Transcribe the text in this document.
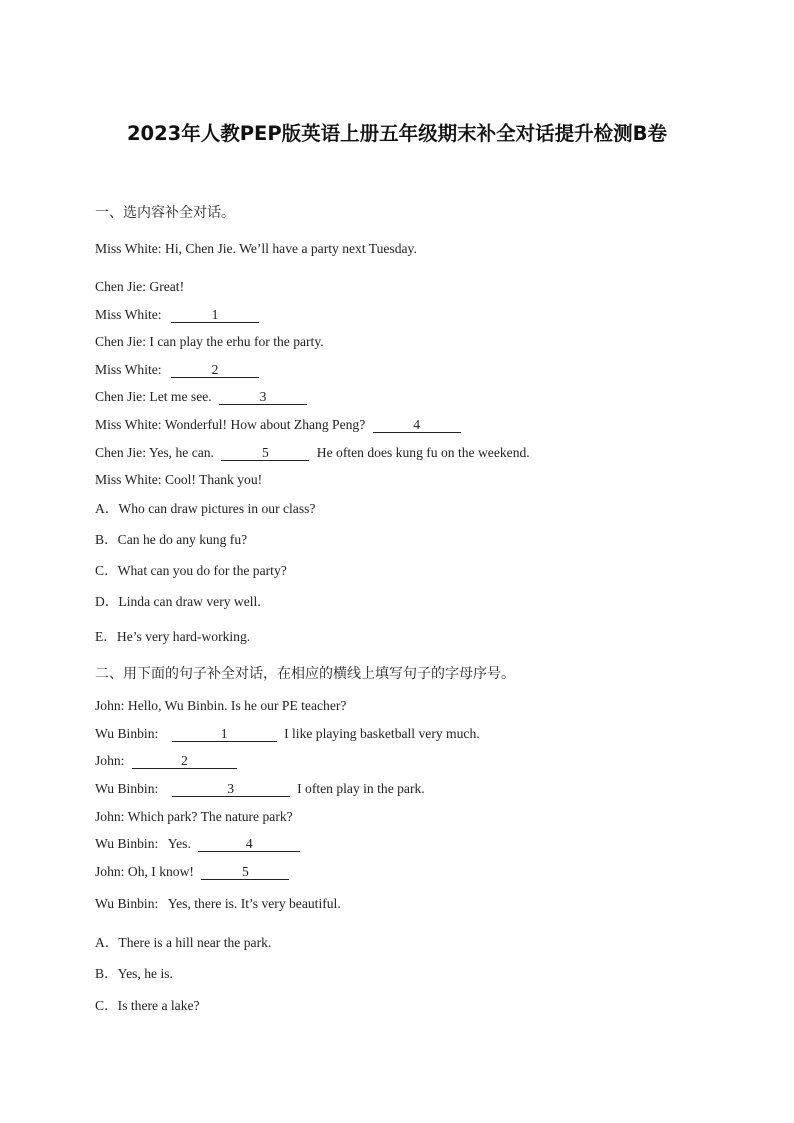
2023年人教PEP版英语上册五年级期末补全对话提升检测B卷
一、选内容补全对话。
Miss White: Hi, Chen Jie. We’ll have a party next Tuesday.
Chen Jie: Great!
Miss White:	1
Chen Jie: I can play the erhu for the party.
Miss White:	2
Chen Jie: Let me see.	3
Miss White: Wonderful! How about Zhang Peng?	4
Chen Jie: Yes, he can.	5	He often does kung fu on the weekend.
Miss White: Cool! Thank you!
A．Who can draw pictures in our class?
B．Can he do any kung fu?
C．What can you do for the party?
D．Linda can draw very well.
E．He’s very hard-working.
二、用下面的句子补全对话，在相应的横线上填写句子的字母序号。
John: Hello, Wu Binbin. Is he our PE teacher?
Wu Binbin:	1	I like playing basketball very much.
John:	2
Wu Binbin:	3	I often play in the park.
John: Which park? The nature park?
Wu Binbin: Yes.	4
John: Oh, I know!	5
Wu Binbin: Yes, there is. It’s very beautiful.
A．There is a hill near the park.
B．Yes, he is.
C．Is there a lake?
